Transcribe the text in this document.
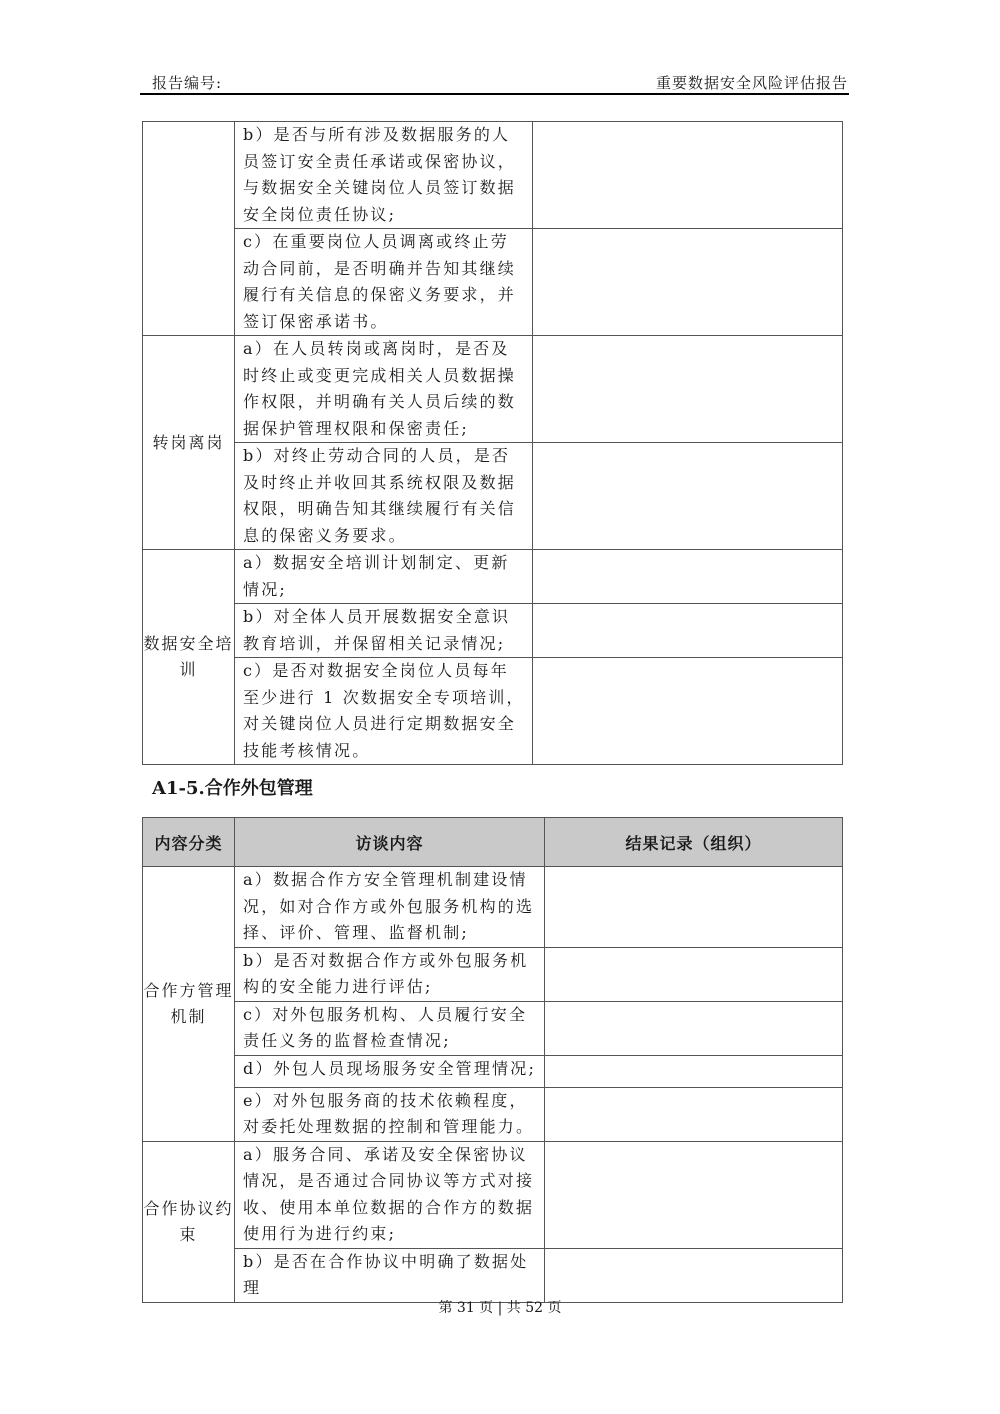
报告编号:	重要数据安全风险评估报告
	b）是否与所有涉及数据服务的人员签订安全责任承诺或保密协议，与数据安全关键岗位人员签订数据安全岗位责任协议;	
	c）在重要岗位人员调离或终止劳动合同前，是否明确并告知其继续履行有关信息的保密义务要求，并签订保密承诺书。	
转岗离岗	a）在人员转岗或离岗时，是否及时终止或变更完成相关人员数据操作权限，并明确有关人员后续的数据保护管理权限和保密责任;	
	b）对终止劳动合同的人员，是否及时终止并收回其系统权限及数据权限，明确告知其继续履行有关信息的保密义务要求。	
数据安全培训	a）数据安全培训计划制定、更新情况;	
	b）对全体人员开展数据安全意识教育培训，并保留相关记录情况;	
	c）是否对数据安全岗位人员每年至少进行 1 次数据安全专项培训，对关键岗位人员进行定期数据安全技能考核情况。	
A1-5.合作外包管理
内容分类	访谈内容	结果记录（组织）
合作方管理机制	a）数据合作方安全管理机制建设情况，如对合作方或外包服务机构的选择、评价、管理、监督机制;	
	b）是否对数据合作方或外包服务机构的安全能力进行评估;	
	c）对外包服务机构、人员履行安全责任义务的监督检查情况;	
	d）外包人员现场服务安全管理情况;	
	e）对外包服务商的技术依赖程度，对委托处理数据的控制和管理能力。	
合作协议约束	a）服务合同、承诺及安全保密协议情况，是否通过合同协议等方式对接收、使用本单位数据的合作方的数据使用行为进行约束;	
	b）是否在合作协议中明确了数据处理	
第 31 页 | 共 52 页
